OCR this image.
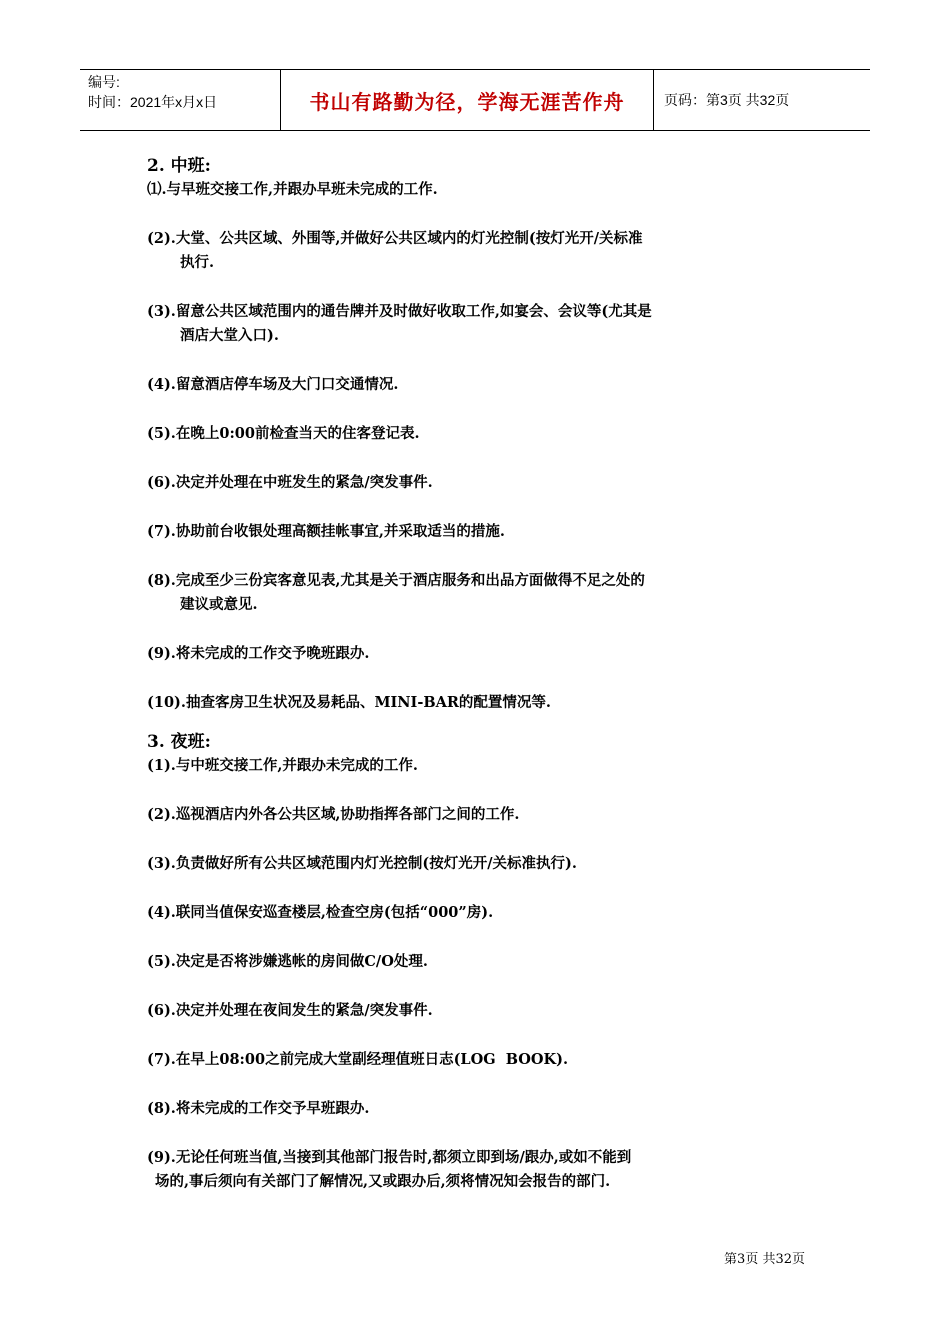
编号:
时间：2021年x月x日	书山有路勤为径，学海无涯苦作舟	页码：第3页 共32页

2. 中班:

⑴.与早班交接工作,并跟办早班未完成的工作.

(2).大堂、公共区域、外围等,并做好公共区域内的灯光控制(按灯光开/关标准

执行.

(3).留意公共区域范围内的通告牌并及时做好收取工作,如宴会、会议等(尤其是

酒店大堂入口).

(4).留意酒店停车场及大门口交通情况.

(5).在晚上0:00前检查当天的住客登记表.

(6).决定并处理在中班发生的紧急/突发事件.

(7).协助前台收银处理高额挂帐事宜,并采取适当的措施.

(8).完成至少三份宾客意见表,尤其是关于酒店服务和出品方面做得不足之处的

建议或意见.

(9).将未完成的工作交予晚班跟办.

(10).抽查客房卫生状况及易耗品、MINI-BAR的配置情况等.

3. 夜班:

(1).与中班交接工作,并跟办未完成的工作.

(2).巡视酒店内外各公共区域,协助指挥各部门之间的工作.

(3).负责做好所有公共区域范围内灯光控制(按灯光开/关标准执行).

(4).联同当值保安巡查楼层,检查空房(包括“000”房).

(5).决定是否将涉嫌逃帐的房间做C/O处理.

(6).决定并处理在夜间发生的紧急/突发事件.

(7).在早上08:00之前完成大堂副经理值班日志(LOG  BOOK).

(8).将未完成的工作交予早班跟办.

(9).无论任何班当值,当接到其他部门报告时,都须立即到场/跟办,或如不能到

场的,事后须向有关部门了解情况,又或跟办后,须将情况知会报告的部门.

第3页 共32页
